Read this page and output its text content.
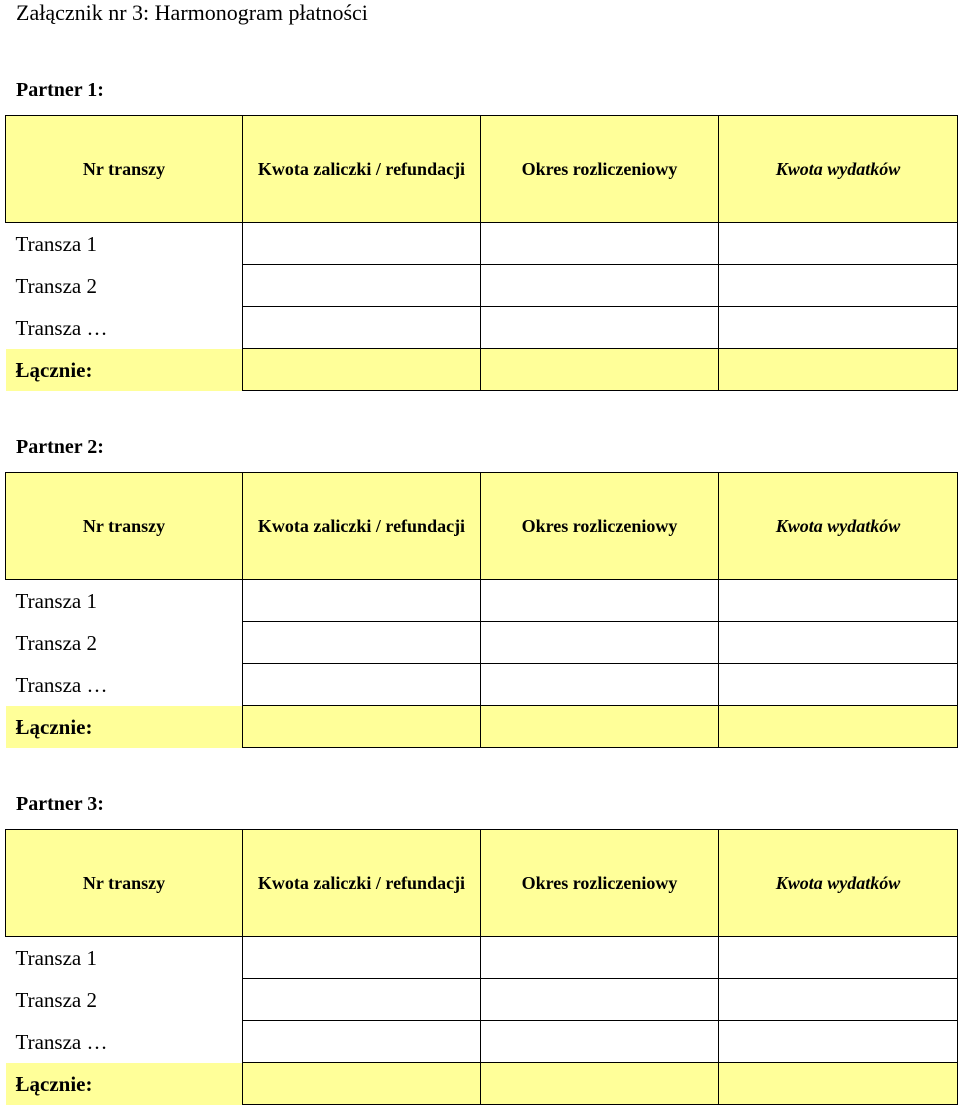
Załącznik nr 3: Harmonogram płatności
Partner 1:
Nr transzy	Kwota zaliczki / refundacji	Okres rozliczeniowy	Kwota wydatków
Transza 1			
Transza 2			
Transza …			
Łącznie:			
Partner 2:
Nr transzy	Kwota zaliczki / refundacji	Okres rozliczeniowy	Kwota wydatków
Transza 1			
Transza 2			
Transza …			
Łącznie:			
Partner 3:
Nr transzy	Kwota zaliczki / refundacji	Okres rozliczeniowy	Kwota wydatków
Transza 1			
Transza 2			
Transza …			
Łącznie:			
